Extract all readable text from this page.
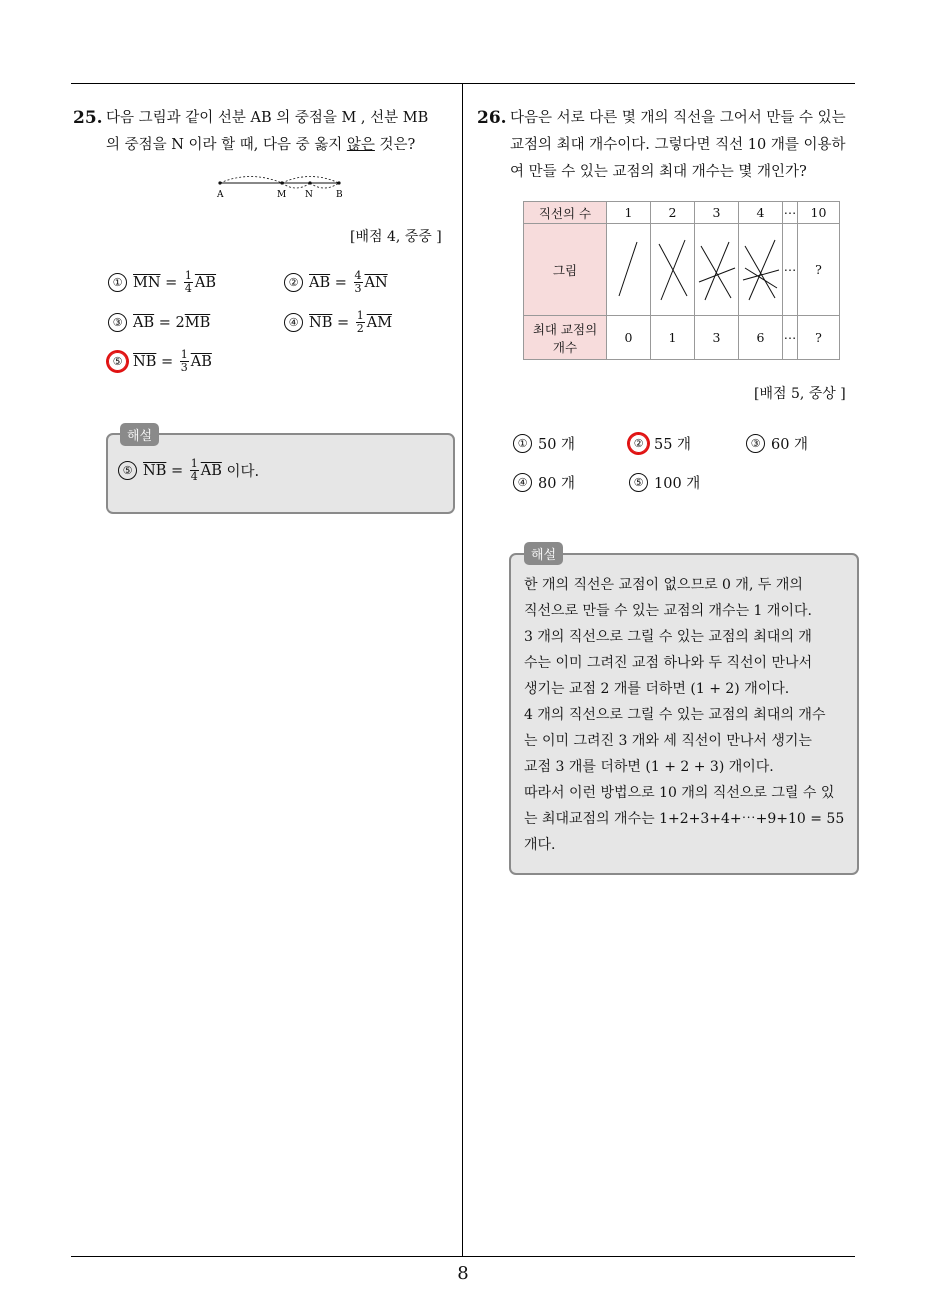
25. 다음 그림과 같이 선분 AB 의 중점을 M , 선분 MB
의 중점을 N 이라 할 때, 다음 중 옳지 않은 것은?
A	M N	B
[배점 4, 중중 ]
① $\overline{MN} = \frac{1}{4} \overline{AB}$	② $\overline{AB} = \frac{4}{3} \overline{AN}$
③ $\overline{AB} = 2$ $\overline{MB}$	④ $\overline{NB} = \frac{1}{2} \overline{AM}$
⑤ $\overline{NB} = \frac{1}{3} \overline{AB}$
해설
⑤ $\overline{NB} = \frac{1}{4} \overline{AB}$ 이다.
26. 다음은 서로 다른 몇 개의 직선을 그어서 만들 수 있는
교점의 최대 개수이다. 그렇다면 직선 10 개를 이용하
여 만들 수 있는 교점의 최대 개수는 몇 개인가?
직선의 수	1	2	3	4	⋯	10
그림					⋯	?

최대 교점의
개수	0	1	3	6	⋯	?
[배점 5, 중상 ]
① 50 개	② 55 개	③ 60 개
④ 80 개	⑤ 100 개
해설
한 개의 직선은 교점이 없으므로 0 개, 두 개의
직선으로 만들 수 있는 교점의 개수는 1 개이다.
3 개의 직선으로 그릴 수 있는 교점의 최대의 개
수는 이미 그려진 교점 하나와 두 직선이 만나서
생기는 교점 2 개를 더하면 (1 + 2) 개이다.
4 개의 직선으로 그릴 수 있는 교점의 최대의 개수
는 이미 그려진 3 개와 세 직선이 만나서 생기는
교점 3 개를 더하면 (1 + 2 + 3) 개이다.
따라서 이런 방법으로 10 개의 직선으로 그릴 수 있
는 최대교점의 개수는 1+2+3+4+⋯+9+10 = 55
개다.
8
